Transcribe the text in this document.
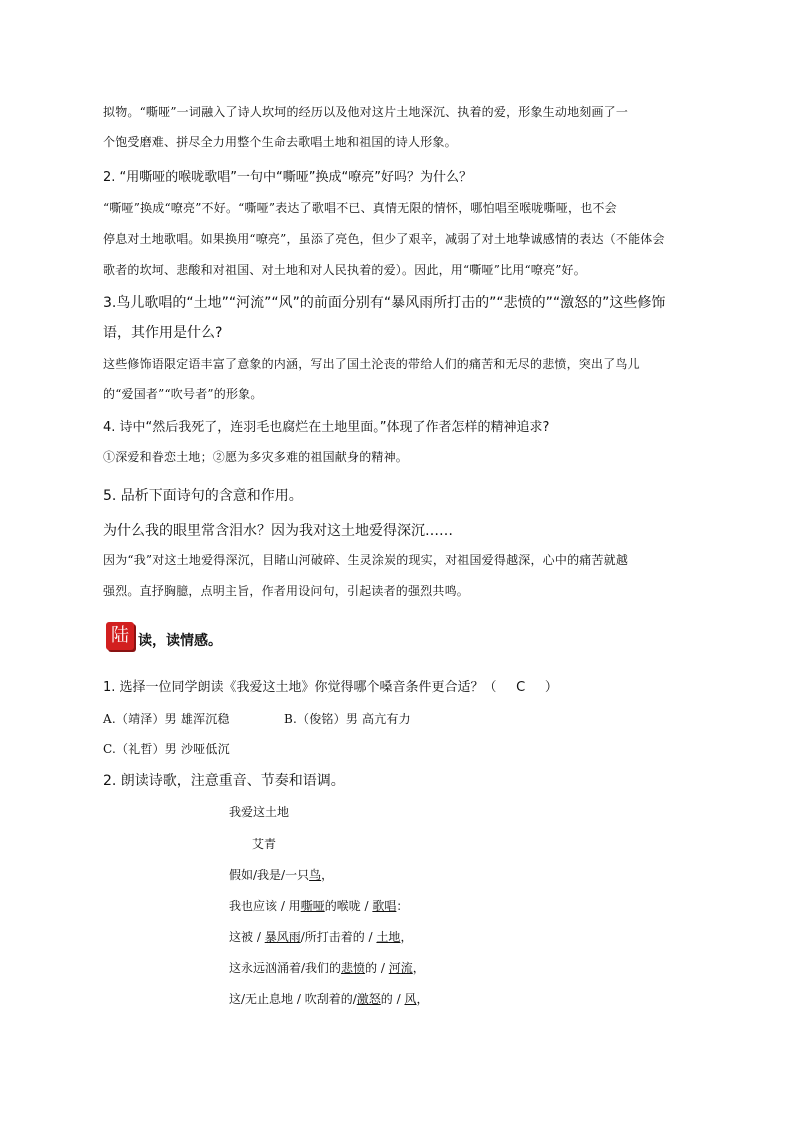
拟物。“嘶哑”一词融入了诗人坎坷的经历以及他对这片土地深沉、执着的爱，形象生动地刻画了一
个饱受磨难、拼尽全力用整个生命去歌唱土地和祖国的诗人形象。
2. “用嘶哑的喉咙歌唱”一句中“嘶哑”换成“嘹亮”好吗？为什么？
“嘶哑”换成“嘹亮”不好。“嘶哑”表达了歌唱不已、真情无限的情怀，哪怕唱至喉咙嘶哑，也不会
停息对土地歌唱。如果换用“嘹亮”，虽添了亮色，但少了艰辛，减弱了对土地挚诚感情的表达（不能体会
歌者的坎坷、悲酸和对祖国、对土地和对人民执着的爱）。因此，用“嘶哑”比用“嘹亮”好。
3.鸟儿歌唱的“土地”“河流”“风”的前面分别有“暴风雨所打击的”“悲愤的”“激怒的”这些修饰
语，其作用是什么?
这些修饰语限定语丰富了意象的内涵，写出了国土沦丧的带给人们的痛苦和无尽的悲愤，突出了鸟儿
的“爱国者”“吹号者”的形象。
4. 诗中“然后我死了，连羽毛也腐烂在土地里面。”体现了作者怎样的精神追求?
①深爱和眷恋土地；②愿为多灾多难的祖国献身的精神。
5. 品析下面诗句的含意和作用。
为什么我的眼里常含泪水？因为我对这土地爱得深沉……
因为“我”对这土地爱得深沉，目睹山河破碎、生灵涂炭的现实，对祖国爱得越深，心中的痛苦就越
强烈。直抒胸臆，点明主旨，作者用设问句，引起读者的强烈共鸣。
陆 读，读情感。
1. 选择一位同学朗读《我爱这土地》你觉得哪个嗓音条件更合适？（ C ）
A.（靖泽）男 雄浑沉稳	B.（俊铭）男 高亢有力
C.（礼哲）男 沙哑低沉
2. 朗读诗歌，注意重音、节奏和语调。
我爱这土地
艾青
假如/我是/一只鸟，
我也应该 / 用嘶哑的喉咙 / 歌唱：
这被 / 暴风雨/所打击着的 / 土地，
这永远汹涌着/我们的悲愤的 / 河流，
这/无止息地 / 吹刮着的/激怒的 / 风，
